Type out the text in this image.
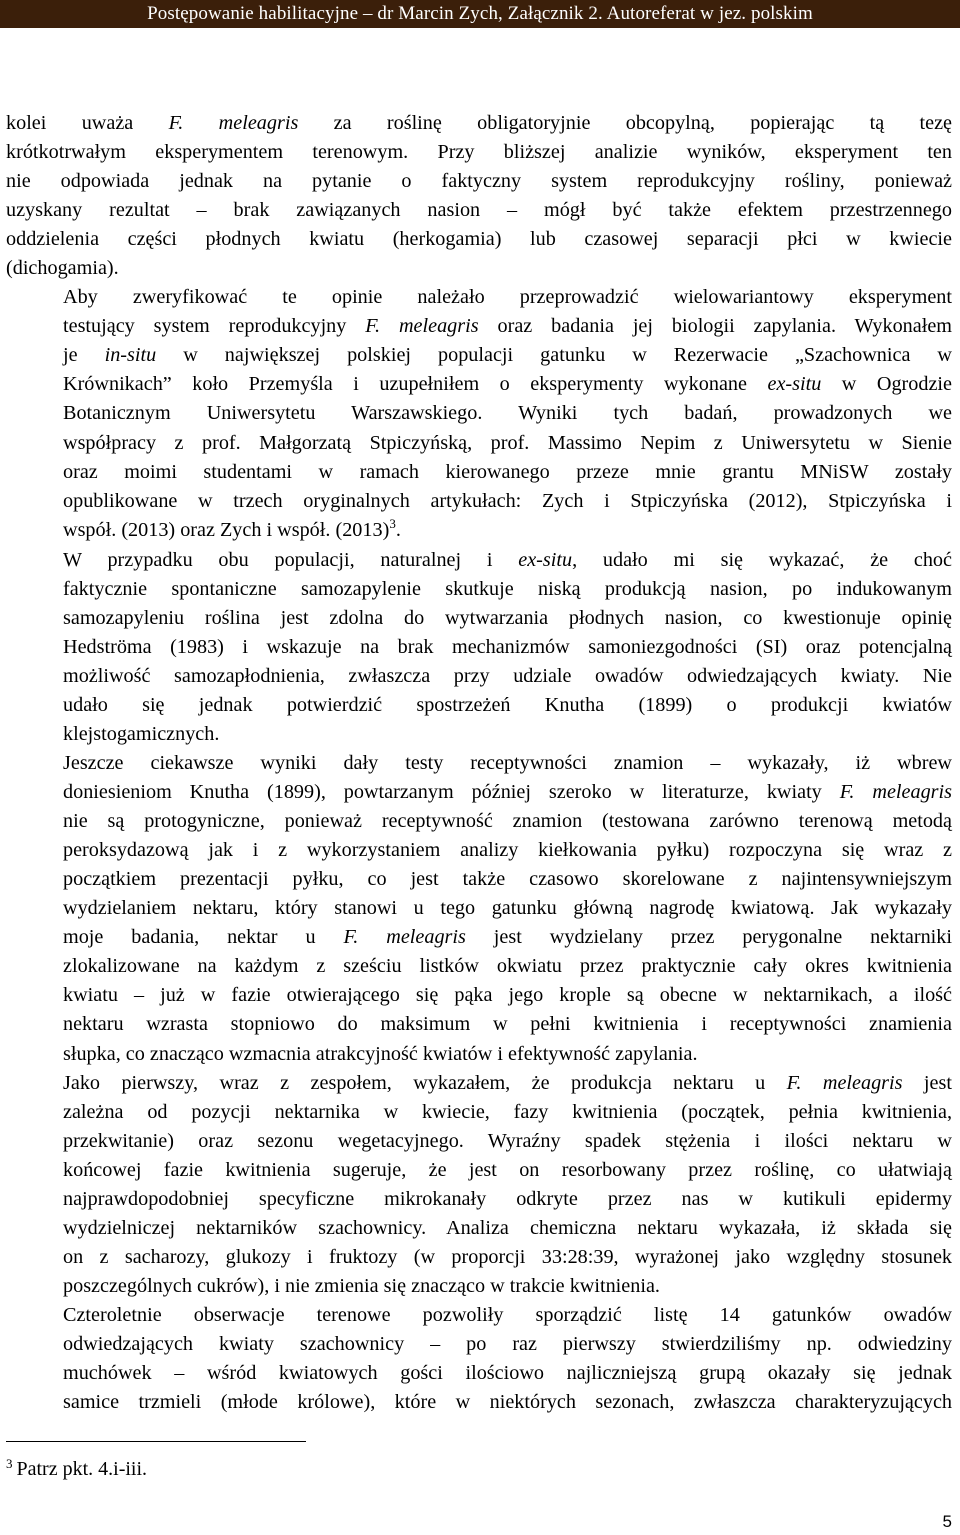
Postępowanie habilitacyjne – dr Marcin Zych, Załącznik 2. Autoreferat w jez. polskim

kolei uważa F. meleagris za roślinę obligatoryjnie obcopylną, popierając tą tezę
krótkotrwałym eksperymentem terenowym. Przy bliższej analizie wyników, eksperyment ten
nie odpowiada jednak na pytanie o faktyczny system reprodukcyjny rośliny, ponieważ
uzyskany rezultat – brak zawiązanych nasion – mógł być także efektem przestrzennego
oddzielenia części płodnych kwiatu (herkogamia) lub czasowej separacji płci w kwiecie
(dichogamia).

Aby zweryfikować te opinie należało przeprowadzić wielowariantowy eksperyment
testujący system reprodukcyjny F. meleagris oraz badania jej biologii zapylania. Wykonałem
je in-situ w największej polskiej populacji gatunku w Rezerwacie „Szachownica w
Krównikach” koło Przemyśla i uzupełniłem o eksperymenty wykonane ex-situ w Ogrodzie
Botanicznym Uniwersytetu Warszawskiego. Wyniki tych badań, prowadzonych we
współpracy z prof. Małgorzatą Stpiczyńską, prof. Massimo Nepim z Uniwersytetu w Sienie
oraz moimi studentami w ramach kierowanego przeze mnie grantu MNiSW zostały
opublikowane w trzech oryginalnych artykułach: Zych i Stpiczyńska (2012), Stpiczyńska i
współ. (2013) oraz Zych i współ. $(2013)^3$.

W przypadku obu populacji, naturalnej i ex-situ, udało mi się wykazać, że choć
faktycznie spontaniczne samozapylenie skutkuje niską produkcją nasion, po indukowanym
samozapyleniu roślina jest zdolna do wytwarzania płodnych nasion, co kwestionuje opinię
Hedströma (1983) i wskazuje na brak mechanizmów samoniezgodności (SI) oraz potencjalną
możliwość samozapłodnienia, zwłaszcza przy udziale owadów odwiedzających kwiaty. Nie
udało się jednak potwierdzić spostrzeżeń Knutha (1899) o produkcji kwiatów
klejstogamicznych.

Jeszcze ciekawsze wyniki dały testy receptywności znamion – wykazały, iż wbrew
doniesieniom Knutha (1899), powtarzanym później szeroko w literaturze, kwiaty F. meleagris
nie są protogyniczne, ponieważ receptywność znamion (testowana zarówno terenową metodą
peroksydazową jak i z wykorzystaniem analizy kiełkowania pyłku) rozpoczyna się wraz z
początkiem prezentacji pyłku, co jest także czasowo skorelowane z najintensywniejszym
wydzielaniem nektaru, który stanowi u tego gatunku główną nagrodę kwiatową. Jak wykazały
moje badania, nektar u F. meleagris jest wydzielany przez perygonalne nektarniki
zlokalizowane na każdym z sześciu listków okwiatu przez praktycznie cały okres kwitnienia
kwiatu – już w fazie otwierającego się pąka jego krople są obecne w nektarnikach, a ilość
nektaru wzrasta stopniowo do maksimum w pełni kwitnienia i receptywności znamienia
słupka, co znacząco wzmacnia atrakcyjność kwiatów i efektywność zapylania.

Jako pierwszy, wraz z zespołem, wykazałem, że produkcja nektaru u F. meleagris jest
zależna od pozycji nektarnika w kwiecie, fazy kwitnienia (początek, pełnia kwitnienia,
przekwitanie) oraz sezonu wegetacyjnego. Wyraźny spadek stężenia i ilości nektaru w
końcowej fazie kwitnienia sugeruje, że jest on resorbowany przez roślinę, co ułatwiają
najprawdopodobniej specyficzne mikrokanały odkryte przez nas w kutikuli epidermy
wydzielniczej nektarników szachownicy. Analiza chemiczna nektaru wykazała, iż składa się
on z sacharozy, glukozy i fruktozy (w proporcji 33:28:39, wyrażonej jako względny stosunek
poszczególnych cukrów), i nie zmienia się znacząco w trakcie kwitnienia.

Czteroletnie obserwacje terenowe pozwoliły sporządzić listę 14 gatunków owadów
odwiedzających kwiaty szachownicy – po raz pierwszy stwierdziliśmy np. odwiedziny
muchówek – wśród kwiatowych gości ilościowo najliczniejszą grupą okazały się jednak
samice trzmieli (młode królowe), które w niektórych sezonach, zwłaszcza charakteryzujących

$^3$ Patrz pkt. 4.i-iii.
5
